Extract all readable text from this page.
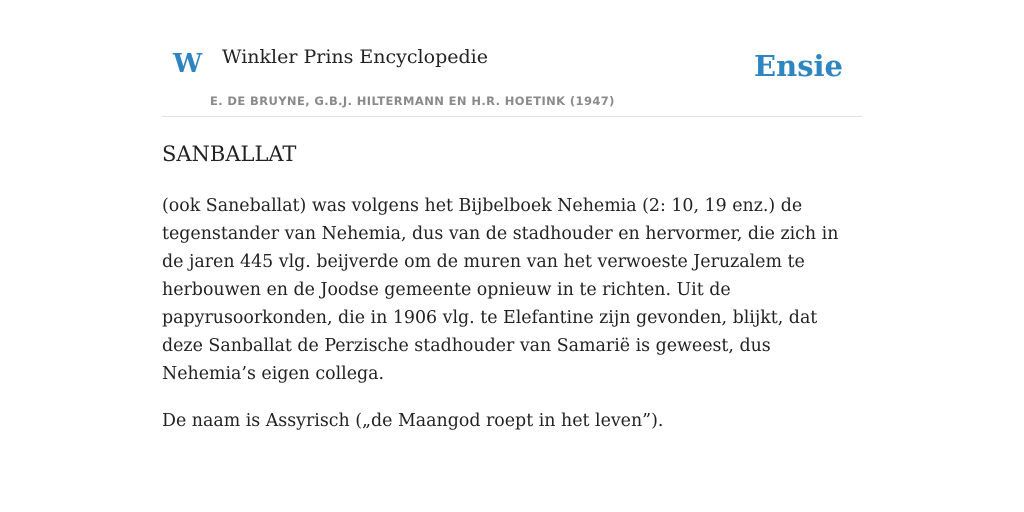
W Winkler Prins Encyclopedie
E. DE BRUYNE, G.B.J. HILTERMANN EN H.R. HOETINK (1947)
Ensie
SANBALLAT

(ook Saneballat) was volgens het Bijbelboek Nehemia (2: 10, 19 enz.) de tegenstander van Nehemia, dus van de stadhouder en hervormer, die zich in de jaren 445 vlg. beijverde om de muren van het verwoeste Jeruzalem te herbouwen en de Joodse gemeente opnieuw in te richten. Uit de papyrusoorkonden, die in 1906 vlg. te Elefantine zijn gevonden, blijkt, dat deze Sanballat de Perzische stadhouder van Samarië is geweest, dus Nehemia’s eigen collega.

De naam is Assyrisch („de Maangod roept in het leven”).
